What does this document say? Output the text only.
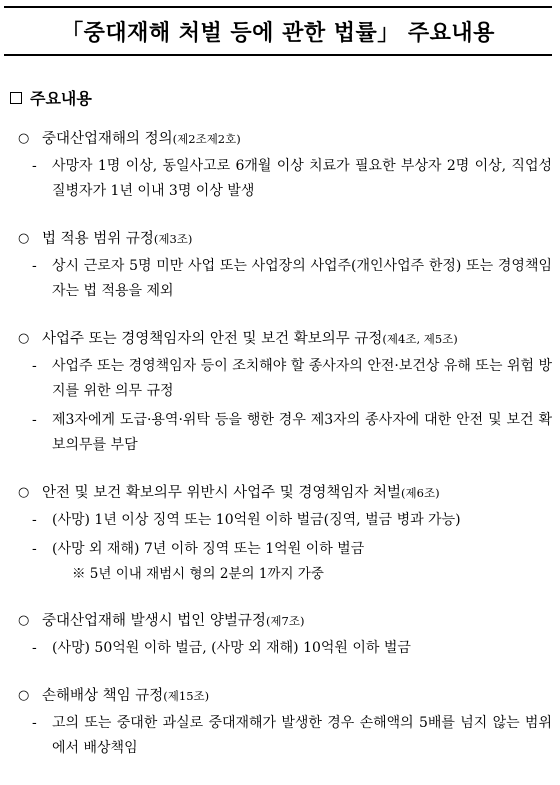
「중대재해 처벌 등에 관한 법률」 주요내용
주요내용
○ 중대산업재해의 정의(제2조제2호)
- 사망자 1명 이상, 동일사고로 6개월 이상 치료가 필요한 부상자 2명 이상, 직업성 질병자가 1년 이내 3명 이상 발생
○ 법 적용 범위 규정(제3조)
- 상시 근로자 5명 미만 사업 또는 사업장의 사업주(개인사업주 한정) 또는 경영책임자는 법 적용을 제외
○ 사업주 또는 경영책임자의 안전 및 보건 확보의무 규정(제4조, 제5조)
- 사업주 또는 경영책임자 등이 조치해야 할 종사자의 안전·보건상 유해 또는 위험 방지를 위한 의무 규정
- 제3자에게 도급·용역·위탁 등을 행한 경우 제3자의 종사자에 대한 안전 및 보건 확보의무를 부담
○ 안전 및 보건 확보의무 위반시 사업주 및 경영책임자 처벌(제6조)
- (사망) 1년 이상 징역 또는 10억원 이하 벌금(징역, 벌금 병과 가능)
- (사망 외 재해) 7년 이하 징역 또는 1억원 이하 벌금
※ 5년 이내 재범시 형의 2분의 1까지 가중
○ 중대산업재해 발생시 법인 양벌규정(제7조)
- (사망) 50억원 이하 벌금, (사망 외 재해) 10억원 이하 벌금
○ 손해배상 책임 규정(제15조)
- 고의 또는 중대한 과실로 중대재해가 발생한 경우 손해액의 5배를 넘지 않는 범위에서 배상책임
